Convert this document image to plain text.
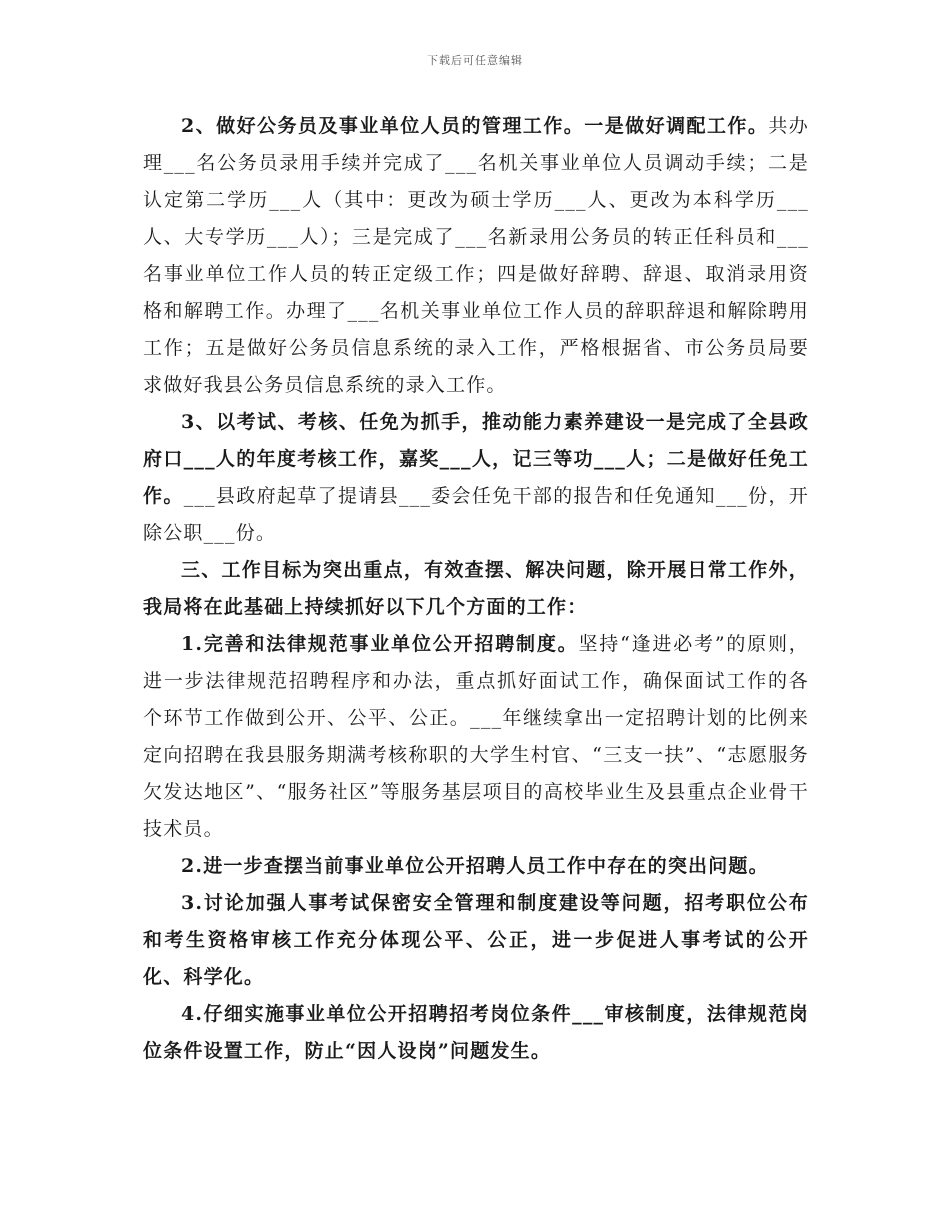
下载后可任意编辑

2、做好公务员及事业单位人员的管理工作。一是做好调配工作。共办理___名公务员录用手续并完成了___名机关事业单位人员调动手续；二是认定第二学历___人（其中：更改为硕士学历___人、更改为本科学历___人、大专学历___人）；三是完成了___名新录用公务员的转正任科员和___名事业单位工作人员的转正定级工作；四是做好辞聘、辞退、取消录用资格和解聘工作。办理了___名机关事业单位工作人员的辞职辞退和解除聘用工作；五是做好公务员信息系统的录入工作，严格根据省、市公务员局要求做好我县公务员信息系统的录入工作。

3、以考试、考核、任免为抓手，推动能力素养建设一是完成了全县政府口___人的年度考核工作，嘉奖___人，记三等功___人；二是做好任免工作。___县政府起草了提请县___委会任免干部的报告和任免通知___份，开除公职___份。

三、工作目标为突出重点，有效查摆、解决问题，除开展日常工作外，我局将在此基础上持续抓好以下几个方面的工作：

1.完善和法律规范事业单位公开招聘制度。坚持“逢进必考”的原则，进一步法律规范招聘程序和办法，重点抓好面试工作，确保面试工作的各个环节工作做到公开、公平、公正。___年继续拿出一定招聘计划的比例来定向招聘在我县服务期满考核称职的大学生村官、“三支一扶”、“志愿服务欠发达地区”、“服务社区”等服务基层项目的高校毕业生及县重点企业骨干技术员。

2.进一步查摆当前事业单位公开招聘人员工作中存在的突出问题。

3.讨论加强人事考试保密安全管理和制度建设等问题，招考职位公布和考生资格审核工作充分体现公平、公正，进一步促进人事考试的公开化、科学化。

4.仔细实施事业单位公开招聘招考岗位条件___审核制度，法律规范岗位条件设置工作，防止“因人设岗”问题发生。
